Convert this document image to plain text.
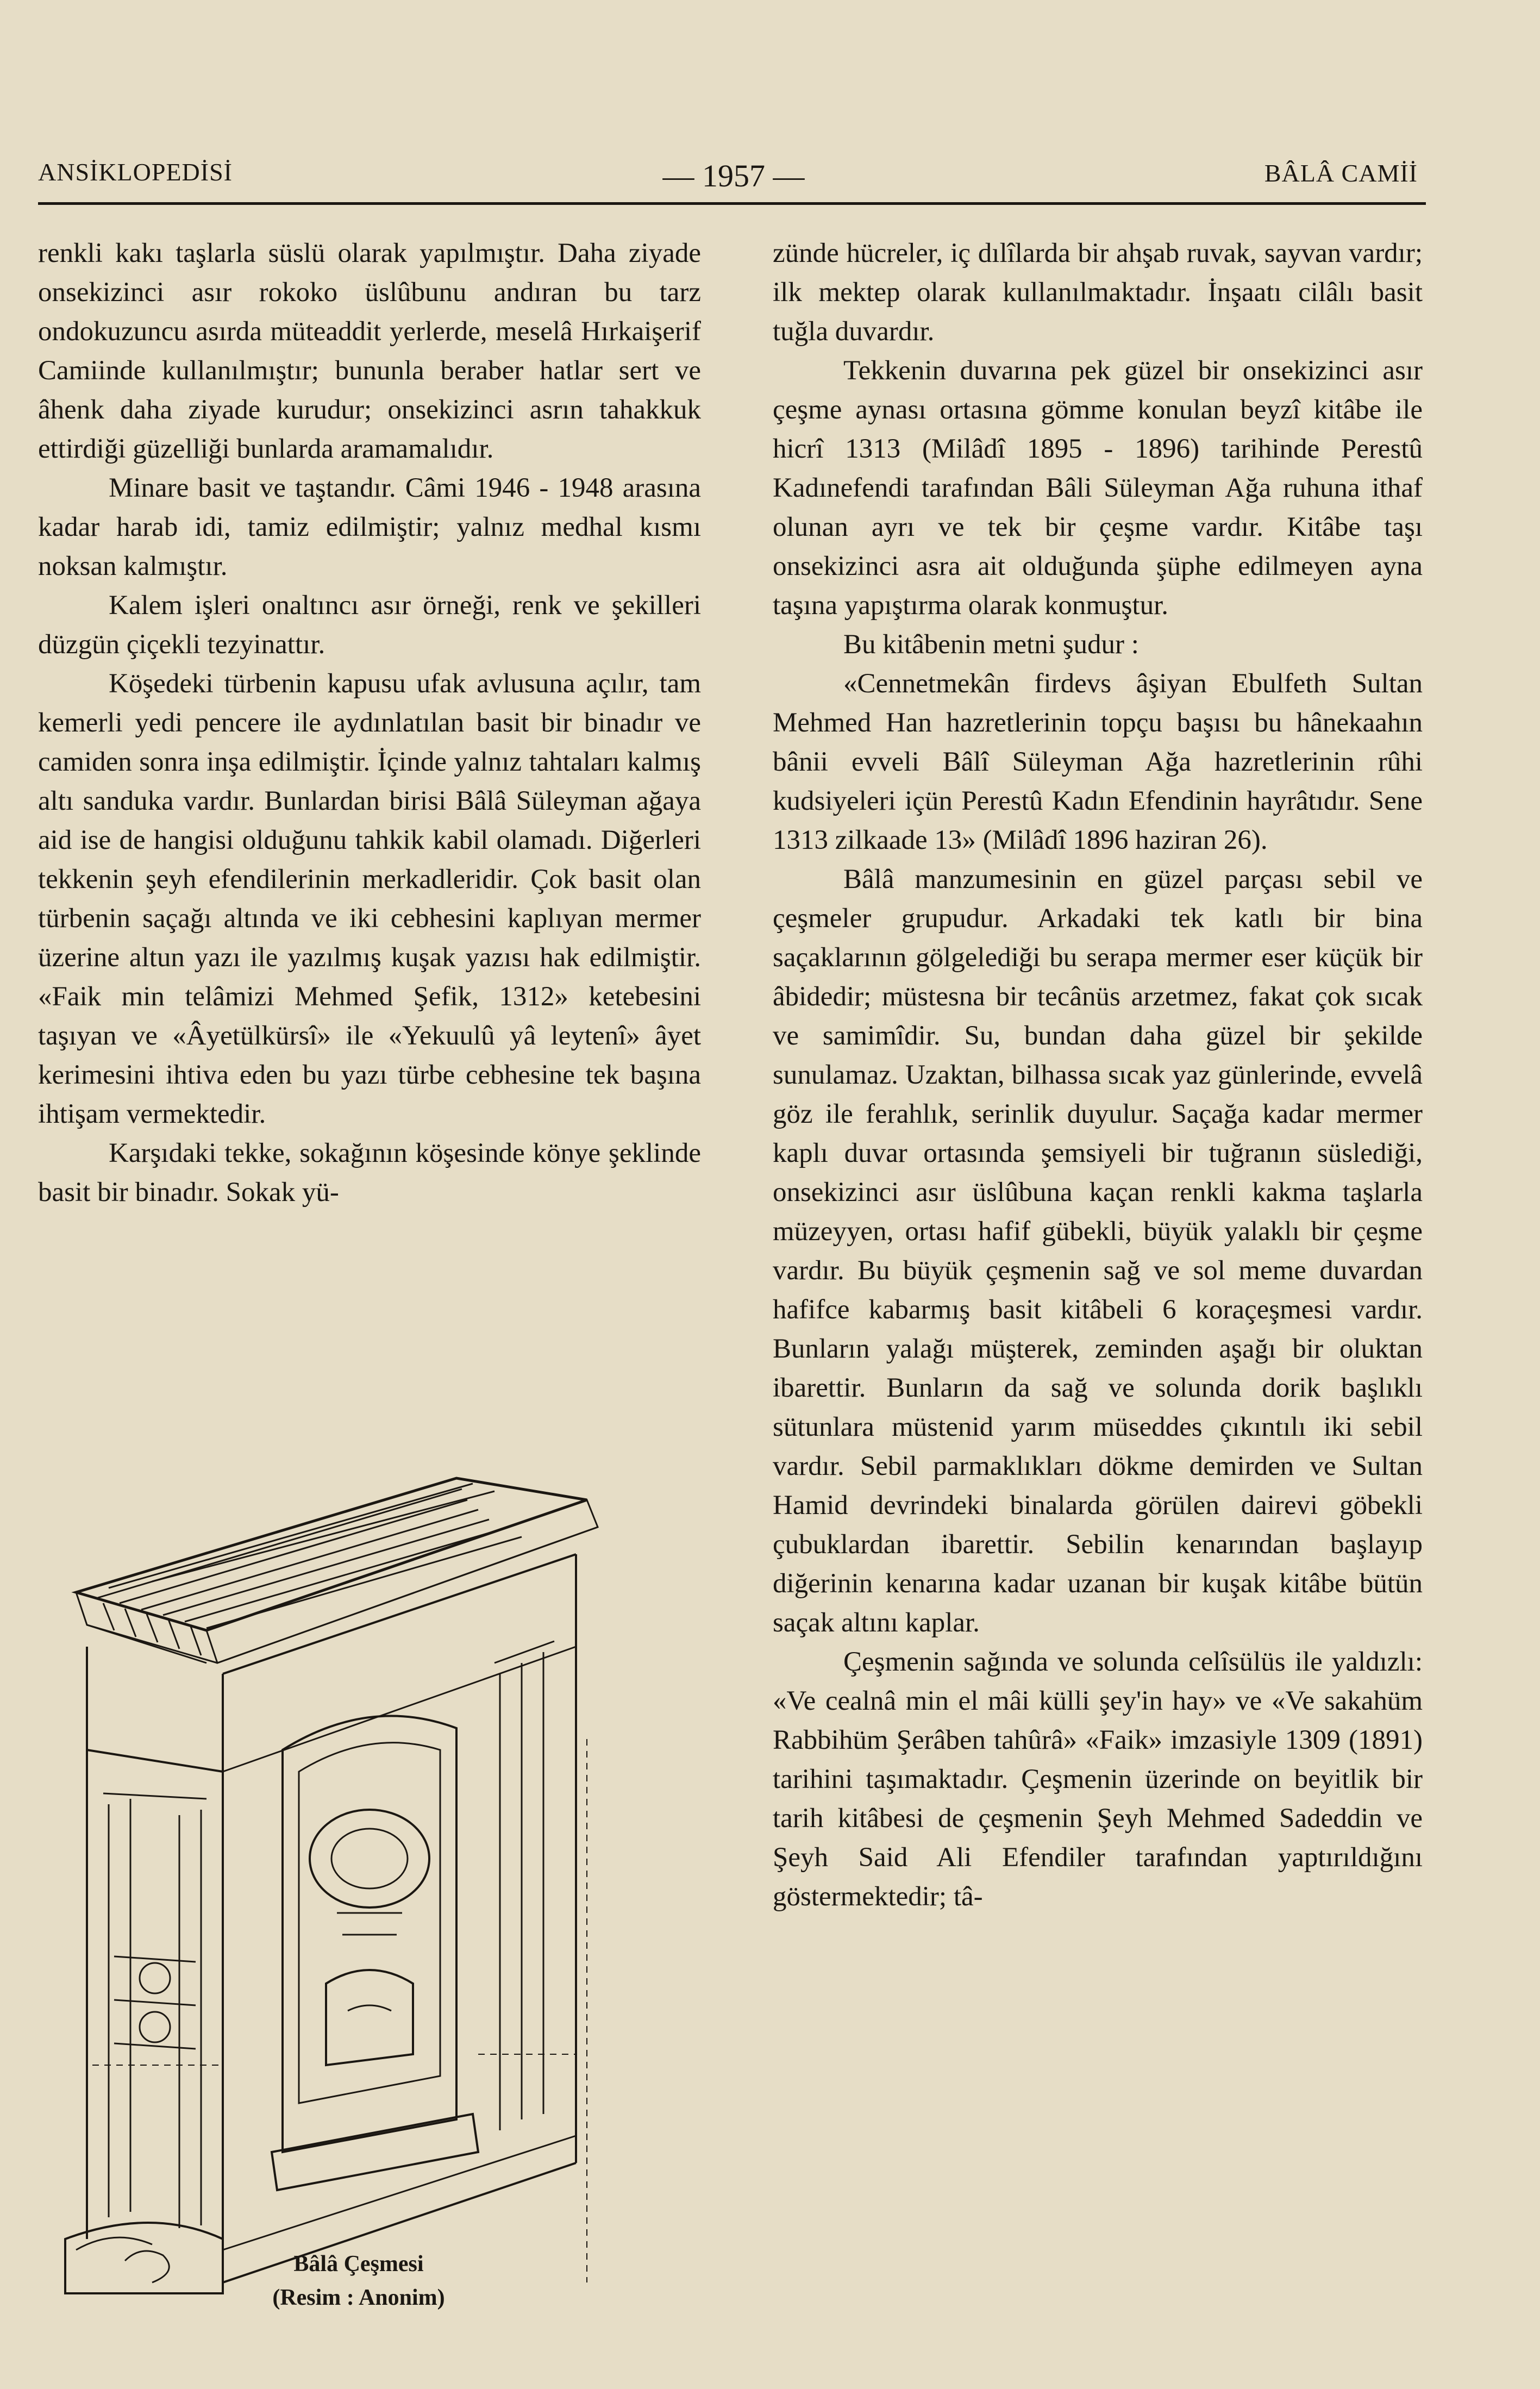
ANSİKLOPEDİSİ	— 1957 —	BÂLÂ CAMİİ

renkli kakı taşlarla süslü olarak yapılmıştır. Daha ziyade onsekizinci asır rokoko üslûbunu andıran bu tarz ondokuzuncu asırda müteaddit yerlerde, meselâ Hırkaişerif Camiinde kullanılmıştır; bununla beraber hatlar sert ve âhenk daha ziyade kurudur; onsekizinci asrın tahakkuk ettirdiği güzelliği bunlarda aramamalıdır.

Minare basit ve taştandır. Câmi 1946 - 1948 arasına kadar harab idi, tamiz edilmiştir; yalnız medhal kısmı noksan kalmıştır.

Kalem işleri onaltıncı asır örneği, renk ve şekilleri düzgün çiçekli tezyinattır.

Köşedeki türbenin kapusu ufak avlusuna açılır, tam kemerli yedi pencere ile aydınlatılan basit bir binadır ve camiden sonra inşa edilmiştir. İçinde yalnız tahtaları kalmış altı sanduka vardır. Bunlardan birisi Bâlâ Süleyman ağaya aid ise de hangisi olduğunu tahkik kabil olamadı. Diğerleri tekkenin şeyh efendilerinin merkadleridir. Çok basit olan türbenin saçağı altında ve iki cebhesini kaplıyan mermer üzerine altun yazı ile yazılmış kuşak yazısı hak edilmiştir. «Faik min telâmizi Mehmed Şefik, 1312» ketebesini taşıyan ve «Âyetülkürsî» ile «Yekuulû yâ leytenî» âyet kerimesini ihtiva eden bu yazı türbe cebhesine tek başına ihtişam vermektedir.

Karşıdaki tekke, sokağının köşesinde könye şeklinde basit bir binadır. Sokak yü-

zünde hücreler, iç dılîlarda bir ahşab ruvak, sayvan vardır; ilk mektep olarak kullanılmaktadır. İnşaatı cilâlı basit tuğla duvardır.

Tekkenin duvarına pek güzel bir onsekizinci asır çeşme aynası ortasına gömme konulan beyzî kitâbe ile hicrî 1313 (Milâdî 1895 - 1896) tarihinde Perestû Kadınefendi tarafından Bâli Süleyman Ağa ruhuna ithaf olunan ayrı ve tek bir çeşme vardır. Kitâbe taşı onsekizinci asra ait olduğunda şüphe edilmeyen ayna taşına yapıştırma olarak konmuştur.

Bu kitâbenin metni şudur :

«Cennetmekân firdevs âşiyan Ebulfeth Sultan Mehmed Han hazretlerinin topçu başısı bu hânekaahın bânii evveli Bâlî Süleyman Ağa hazretlerinin rûhi kudsiyeleri içün Perestû Kadın Efendinin hayrâtıdır. Sene 1313 zilkaade 13» (Milâdî 1896 haziran 26).

Bâlâ manzumesinin en güzel parçası sebil ve çeşmeler grupudur. Arkadaki tek katlı bir bina saçaklarının gölgelediği bu serapa mermer eser küçük bir âbidedir; müstesna bir tecânüs arzetmez, fakat çok sıcak ve samimîdir. Su, bundan daha güzel bir şekilde sunulamaz. Uzaktan, bilhassa sıcak yaz günlerinde, evvelâ göz ile ferahlık, serinlik duyulur. Saçağa kadar mermer kaplı duvar ortasında şemsiyeli bir tuğranın süslediği, onsekizinci asır üslûbuna kaçan renkli kakma taşlarla müzeyyen, ortası hafif gübekli, büyük yalaklı bir çeşme vardır. Bu büyük çeşmenin sağ ve sol meme duvardan hafifce kabarmış basit kitâbeli 6 koraçeşmesi vardır. Bunların yalağı müşterek, zeminden aşağı bir oluktan ibarettir. Bunların da sağ ve solunda dorik başlıklı sütunlara müstenid yarım müseddes çıkıntılı iki sebil vardır. Sebil parmaklıkları dökme demirden ve Sultan Hamid devrindeki binalarda görülen dairevi göbekli çubuklardan ibarettir. Sebilin kenarından başlayıp diğerinin kenarına kadar uzanan bir kuşak kitâbe bütün saçak altını kaplar.

Çeşmenin sağında ve solunda celîsülüs ile yaldızlı: «Ve cealnâ min el mâi külli şey'in hay» ve «Ve sakahüm Rabbihüm Şerâben tahûrâ» «Faik» imzasiyle 1309 (1891) tarihini taşımaktadır. Çeşmenin üzerinde on beyitlik bir tarih kitâbesi de çeşmenin Şeyh Mehmed Sadeddin ve Şeyh Said Ali Efendiler tarafından yaptırıldığını göstermektedir; tâ-

Bâlâ Çeşmesi
(Resim : Anonim)
